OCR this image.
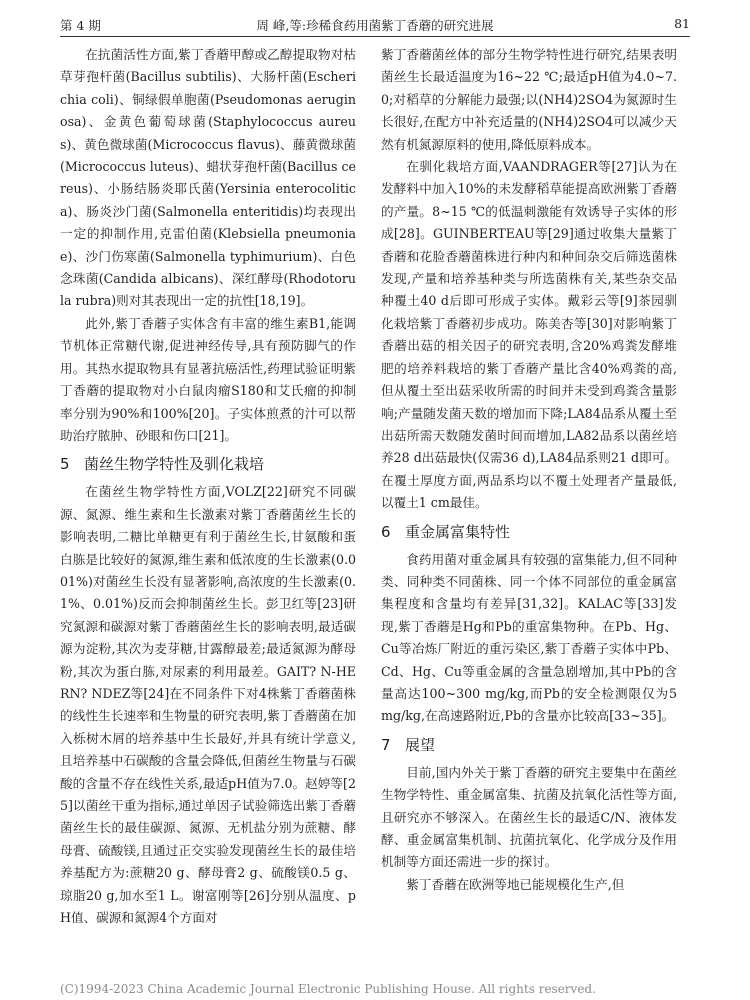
第 4 期	周 峰,等:珍稀食药用菌紫丁香蘑的研究进展	81

在抗菌活性方面,紫丁香蘑甲醇或乙醇提取物对枯草芽孢杆菌(Bacillus subtilis)、大肠杆菌(Escherichia coli)、铜绿假单胞菌(Pseudomonas aeruginosa)、金黄色葡萄球菌(Staphylococcus aureus)、黄色微球菌(Micrococcus flavus)、藤黄微球菌(Micrococcus luteus)、蜡状芽孢杆菌(Bacillus cereus)、小肠结肠炎耶氏菌(Yersinia enterocolitica)、肠炎沙门菌(Salmonella enteritidis)均表现出一定的抑制作用,克雷伯菌(Klebsiella pneumoniae)、沙门伤寒菌(Salmonella typhimurium)、白色念珠菌(Candida albicans)、深红酵母(Rhodotorula rubra)则对其表现出一定的抗性[18,19]。

此外,紫丁香蘑子实体含有丰富的维生素B1,能调节机体正常糖代谢,促进神经传导,具有预防脚气的作用。其热水提取物具有显著抗癌活性,药理试验证明紫丁香蘑的提取物对小白鼠肉瘤S180和艾氏瘤的抑制率分别为90%和100%[20]。子实体煎煮的汁可以帮助治疗脓肿、砂眼和伤口[21]。

5 菌丝生物学特性及驯化栽培

在菌丝生物学特性方面,VOLZ[22]研究不同碳源、氮源、维生素和生长激素对紫丁香蘑菌丝生长的影响表明,二糖比单糖更有利于菌丝生长,甘氨酸和蛋白胨是比较好的氮源,维生素和低浓度的生长激素(0.001%)对菌丝生长没有显著影响,高浓度的生长激素(0.1%、0.01%)反而会抑制菌丝生长。彭卫红等[23]研究氮源和碳源对紫丁香蘑菌丝生长的影响表明,最适碳源为淀粉,其次为麦芽糖,甘露醇最差;最适氮源为酵母粉,其次为蛋白胨,对尿素的利用最差。GAIT? N-HERN? NDEZ等[24]在不同条件下对4株紫丁香蘑菌株的线性生长速率和生物量的研究表明,紫丁香蘑菌在加入栎树木屑的培养基中生长最好,并具有统计学意义,且培养基中石碳酸的含量会降低,但菌丝生物量与石碳酸的含量不存在线性关系,最适pH值为7.0。赵婷等[25]以菌丝干重为指标,通过单因子试验筛选出紫丁香蘑菌丝生长的最佳碳源、氮源、无机盐分别为蔗糖、酵母膏、硫酸镁,且通过正交实验发现菌丝生长的最佳培养基配方为:蔗糖20 g、酵母膏2 g、硫酸镁0.5 g、琼脂20 g,加水至1 L。谢富刚等[26]分别从温度、pH值、碳源和氮源4个方面对

紫丁香蘑菌丝体的部分生物学特性进行研究,结果表明菌丝生长最适温度为16~22 ℃;最适pH值为4.0~7.0;对稻草的分解能力最强;以(NH4)2SO4为氮源时生长很好,在配方中补充适量的(NH4)2SO4可以减少天然有机氮源原料的使用,降低原料成本。

在驯化栽培方面,VAANDRAGER等[27]认为在发酵料中加入10%的未发酵稻草能提高欧洲紫丁香蘑的产量。8~15 ℃的低温刺激能有效诱导子实体的形成[28]。GUINBERTEAU等[29]通过收集大量紫丁香蘑和花脸香蘑菌株进行种内和种间杂交后筛选菌株发现,产量和培养基种类与所选菌株有关,某些杂交品种覆土40 d后即可形成子实体。戴彩云等[9]茶园驯化栽培紫丁香蘑初步成功。陈美杏等[30]对影响紫丁香蘑出菇的相关因子的研究表明,含20%鸡粪发酵堆肥的培养料栽培的紫丁香蘑产量比含40%鸡粪的高,但从覆土至出菇采收所需的时间并未受到鸡粪含量影响;产量随发菌天数的增加而下降;LA84品系从覆土至出菇所需天数随发菌时间而增加,LA82品系以菌丝培养28 d出菇最快(仅需36 d),LA84品系则21 d即可。在覆土厚度方面,两品系均以不覆土处理者产量最低,以覆土1 cm最佳。

6 重金属富集特性

食药用菌对重金属具有较强的富集能力,但不同种类、同种类不同菌株、同一个体不同部位的重金属富集程度和含量均有差异[31,32]。KALAC等[33]发现,紫丁香蘑是Hg和Pb的重富集物种。在Pb、Hg、Cu等冶炼厂附近的重污染区,紫丁香蘑子实体中Pb、Cd、Hg、Cu等重金属的含量急剧增加,其中Pb的含量高达100~300 mg/kg,而Pb的安全检测限仅为5 mg/kg,在高速路附近,Pb的含量亦比较高[33~35]。

7 展望

目前,国内外关于紫丁香蘑的研究主要集中在菌丝生物学特性、重金属富集、抗菌及抗氧化活性等方面,且研究亦不够深入。在菌丝生长的最适C/N、液体发酵、重金属富集机制、抗菌抗氧化、化学成分及作用机制等方面还需进一步的探讨。

紫丁香蘑在欧洲等地已能规模化生产,但

(C)1994-2023 China Academic Journal Electronic Publishing House. All rights reserved.
